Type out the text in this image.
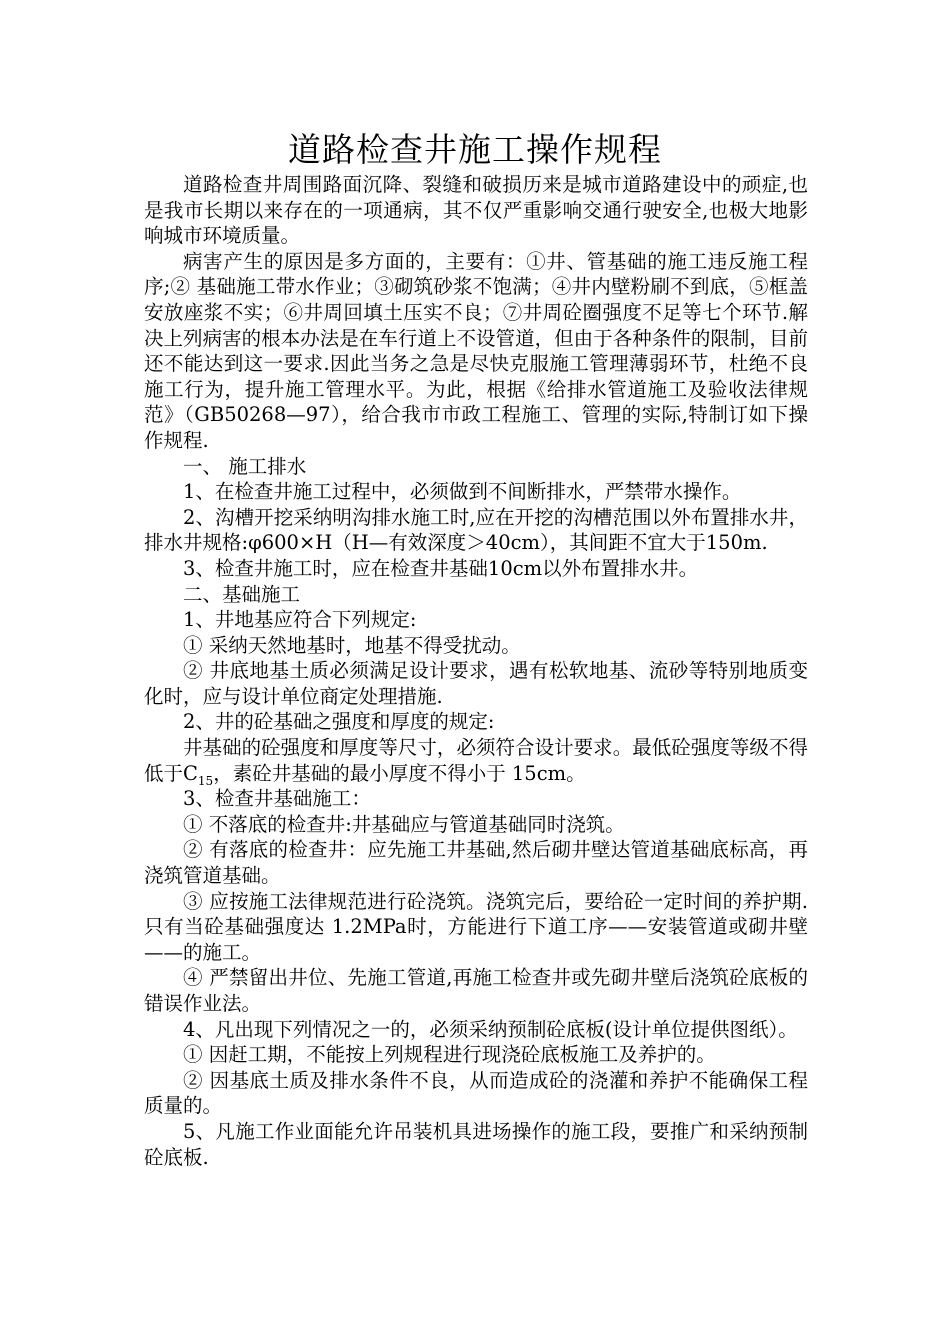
道路检查井施工操作规程

道路检查井周围路面沉降、裂缝和破损历来是城市道路建设中的顽症,也是我市长期以来存在的一项通病，其不仅严重影响交通行驶安全,也极大地影响城市环境质量。

病害产生的原因是多方面的，主要有：①井、管基础的施工违反施工程序;② 基础施工带水作业；③砌筑砂浆不饱满；④井内壁粉刷不到底，⑤框盖安放座浆不实；⑥井周回填土压实不良；⑦井周砼圈强度不足等七个环节.解决上列病害的根本办法是在车行道上不设管道，但由于各种条件的限制，目前还不能达到这一要求.因此当务之急是尽快克服施工管理薄弱环节，杜绝不良施工行为，提升施工管理水平。为此，根据《给排水管道施工及验收法律规范》（GB50268—97），给合我市市政工程施工、管理的实际,特制订如下操作规程.

一、 施工排水

1、在检查井施工过程中，必须做到不间断排水，严禁带水操作。

2、沟槽开挖采纳明沟排水施工时,应在开挖的沟槽范围以外布置排水井，排水井规格:φ600×H（H—有效深度＞40cm），其间距不宜大于150m.

3、检查井施工时，应在检查井基础10cm以外布置排水井。

二、基础施工

1、井地基应符合下列规定:

① 采纳天然地基时，地基不得受扰动。

② 井底地基土质必须满足设计要求，遇有松软地基、流砂等特别地质变化时，应与设计单位商定处理措施.

2、井的砼基础之强度和厚度的规定:

井基础的砼强度和厚度等尺寸，必须符合设计要求。最低砼强度等级不得低于$C_{15}$，素砼井基础的最小厚度不得小于 15cm。

3、检查井基础施工：

① 不落底的检查井:井基础应与管道基础同时浇筑。

② 有落底的检查井：应先施工井基础,然后砌井壁达管道基础底标高，再浇筑管道基础。

③ 应按施工法律规范进行砼浇筑。浇筑完后，要给砼一定时间的养护期.只有当砼基础强度达 1.2MPa时，方能进行下道工序——安装管道或砌井壁——的施工。

④ 严禁留出井位、先施工管道,再施工检查井或先砌井壁后浇筑砼底板的错误作业法。

4、凡出现下列情况之一的，必须采纳预制砼底板(设计单位提供图纸）。

① 因赶工期，不能按上列规程进行现浇砼底板施工及养护的。

② 因基底土质及排水条件不良，从而造成砼的浇灌和养护不能确保工程质量的。

5、凡施工作业面能允许吊装机具进场操作的施工段，要推广和采纳预制砼底板.
